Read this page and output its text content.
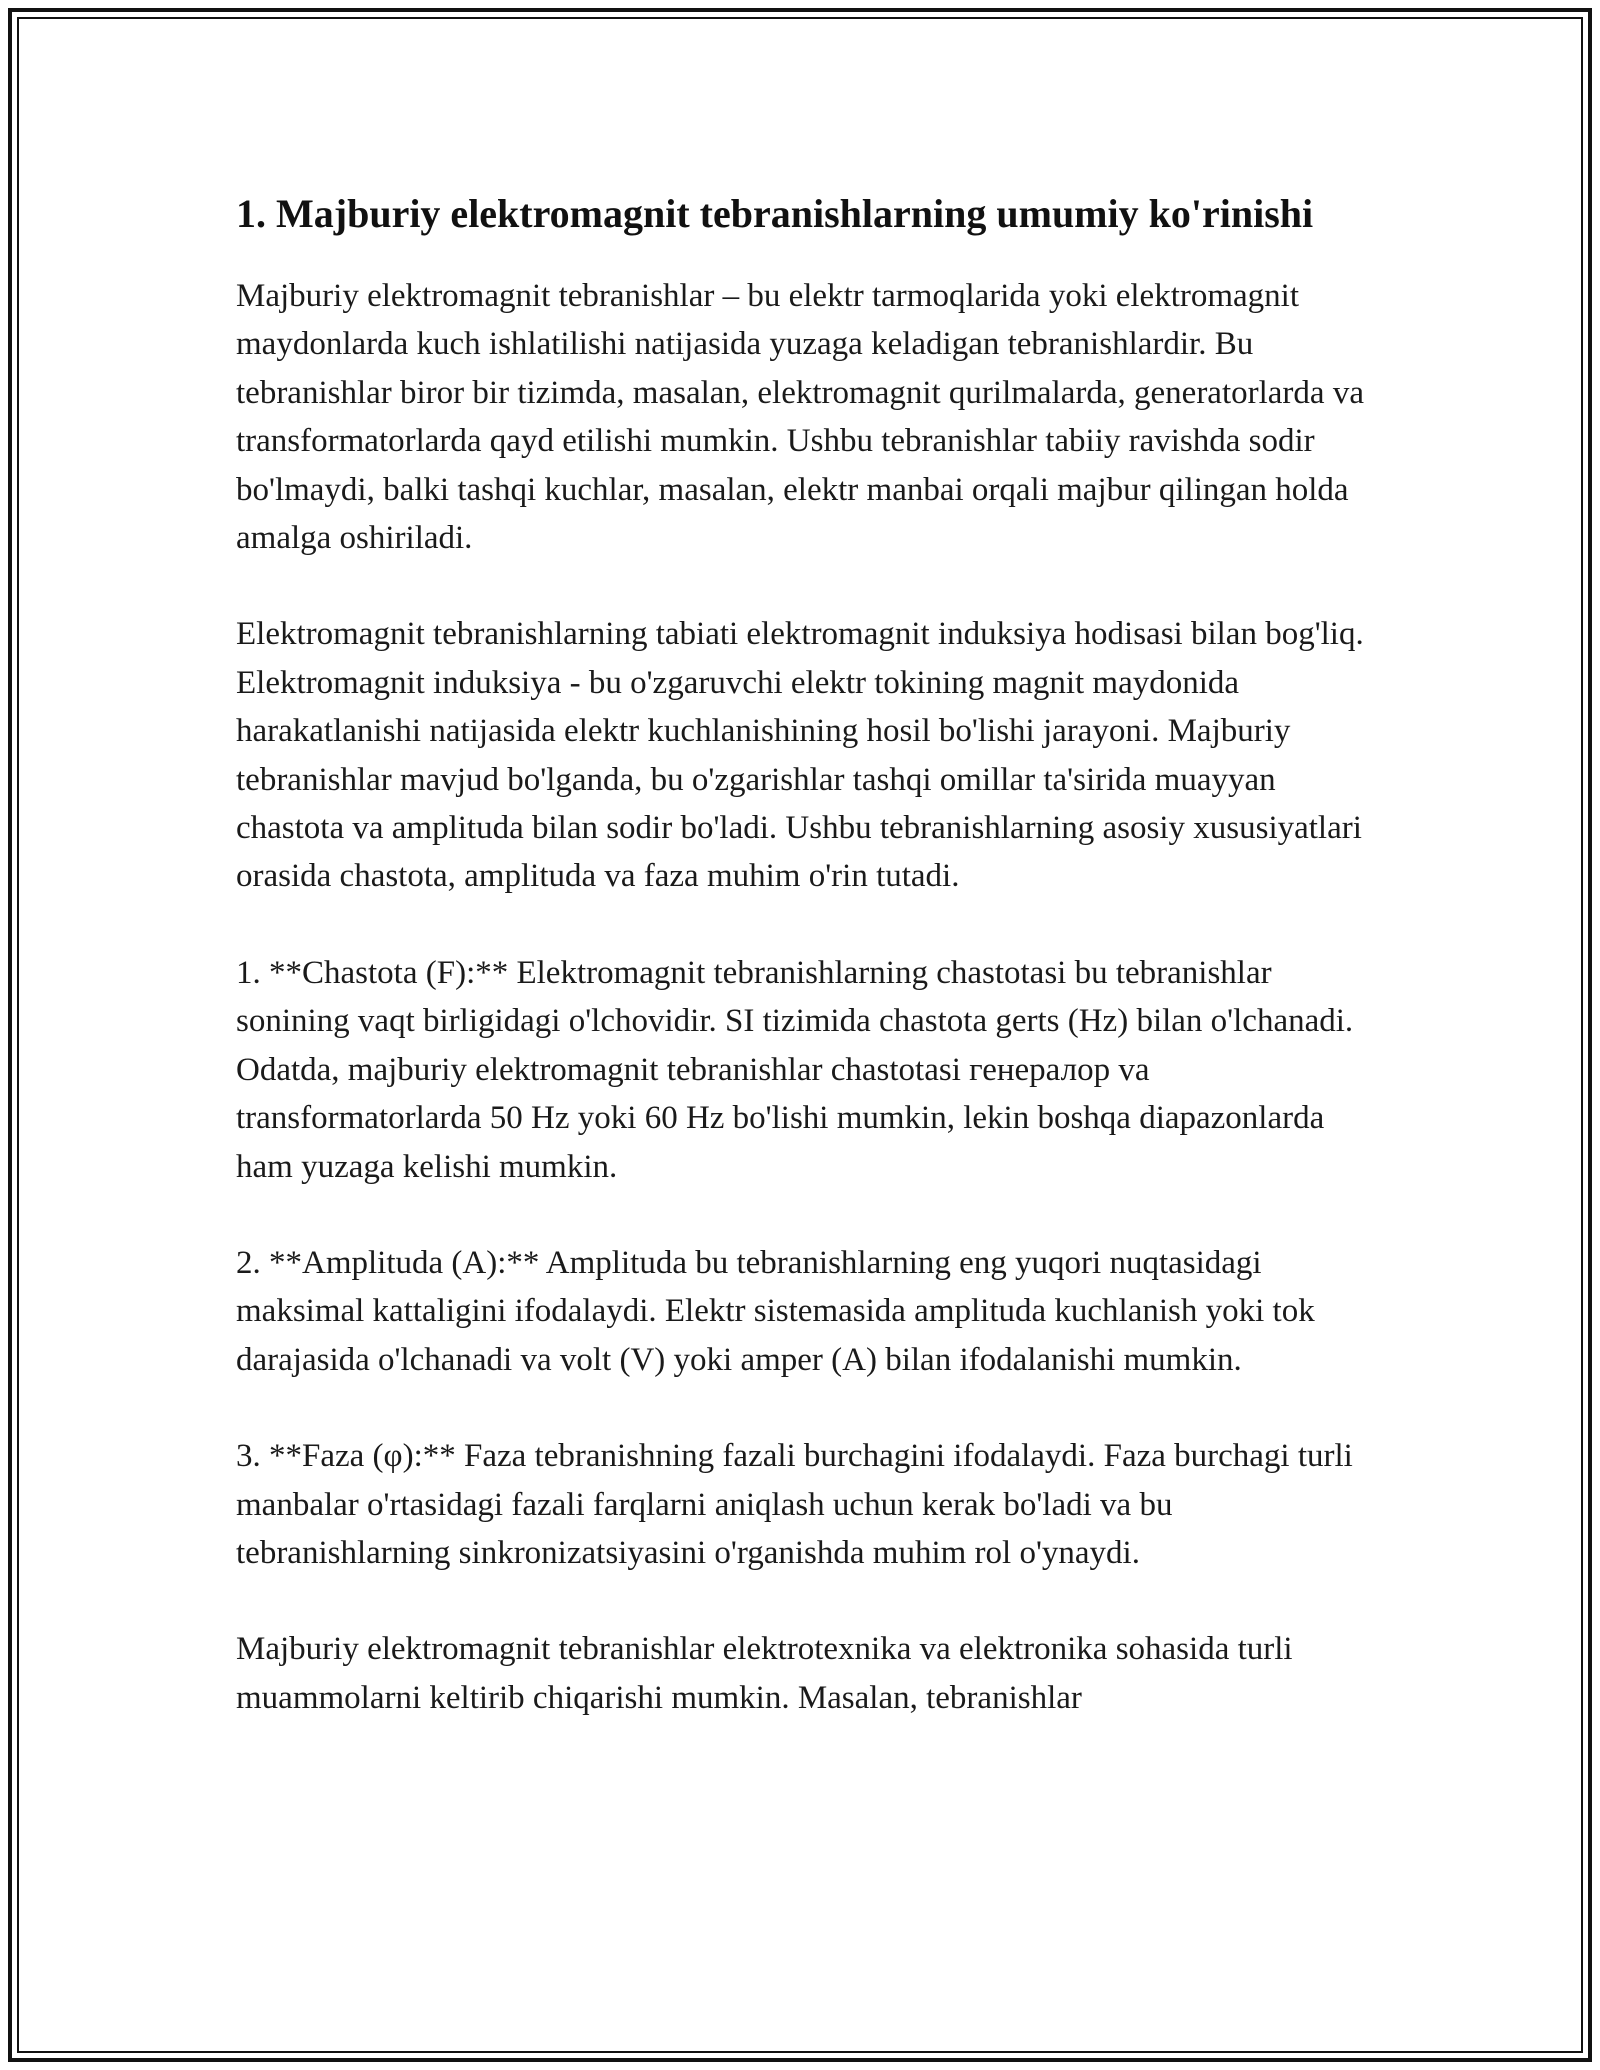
1. Majburiy elektromagnit tebranishlarning umumiy ko'rinishi

Majburiy elektromagnit tebranishlar – bu elektr tarmoqlarida yoki elektromagnit maydonlarda kuch ishlatilishi natijasida yuzaga keladigan tebranishlardir. Bu tebranishlar biror bir tizimda, masalan, elektromagnit qurilmalarda, generatorlarda va transformatorlarda qayd etilishi mumkin. Ushbu tebranishlar tabiiy ravishda sodir bo'lmaydi, balki tashqi kuchlar, masalan, elektr manbai orqali majbur qilingan holda amalga oshiriladi.

Elektromagnit tebranishlarning tabiati elektromagnit induksiya hodisasi bilan bog'liq. Elektromagnit induksiya - bu o'zgaruvchi elektr tokining magnit maydonida harakatlanishi natijasida elektr kuchlanishining hosil bo'lishi jarayoni. Majburiy tebranishlar mavjud bo'lganda, bu o'zgarishlar tashqi omillar ta'sirida muayyan chastota va amplituda bilan sodir bo'ladi. Ushbu tebranishlarning asosiy xususiyatlari orasida chastota, amplituda va faza muhim o'rin tutadi.

1. **Chastota (F):** Elektromagnit tebranishlarning chastotasi bu tebranishlar sonining vaqt birligidagi o'lchovidir. SI tizimida chastota gerts (Hz) bilan o'lchanadi. Odatda, majburiy elektromagnit tebranishlar chastotasi генералор va transformatorlarda 50 Hz yoki 60 Hz bo'lishi mumkin, lekin boshqa diapazonlarda ham yuzaga kelishi mumkin.

2. **Amplituda (A):** Amplituda bu tebranishlarning eng yuqori nuqtasidagi maksimal kattaligini ifodalaydi. Elektr sistemasida amplituda kuchlanish yoki tok darajasida o'lchanadi va volt (V) yoki amper (A) bilan ifodalanishi mumkin.

3. **Faza (φ):** Faza tebranishning fazali burchagini ifodalaydi. Faza burchagi turli manbalar o'rtasidagi fazali farqlarni aniqlash uchun kerak bo'ladi va bu tebranishlarning sinkronizatsiyasini o'rganishda muhim rol o'ynaydi.

Majburiy elektromagnit tebranishlar elektrotexnika va elektronika sohasida turli muammolarni keltirib chiqarishi mumkin. Masalan, tebranishlar
